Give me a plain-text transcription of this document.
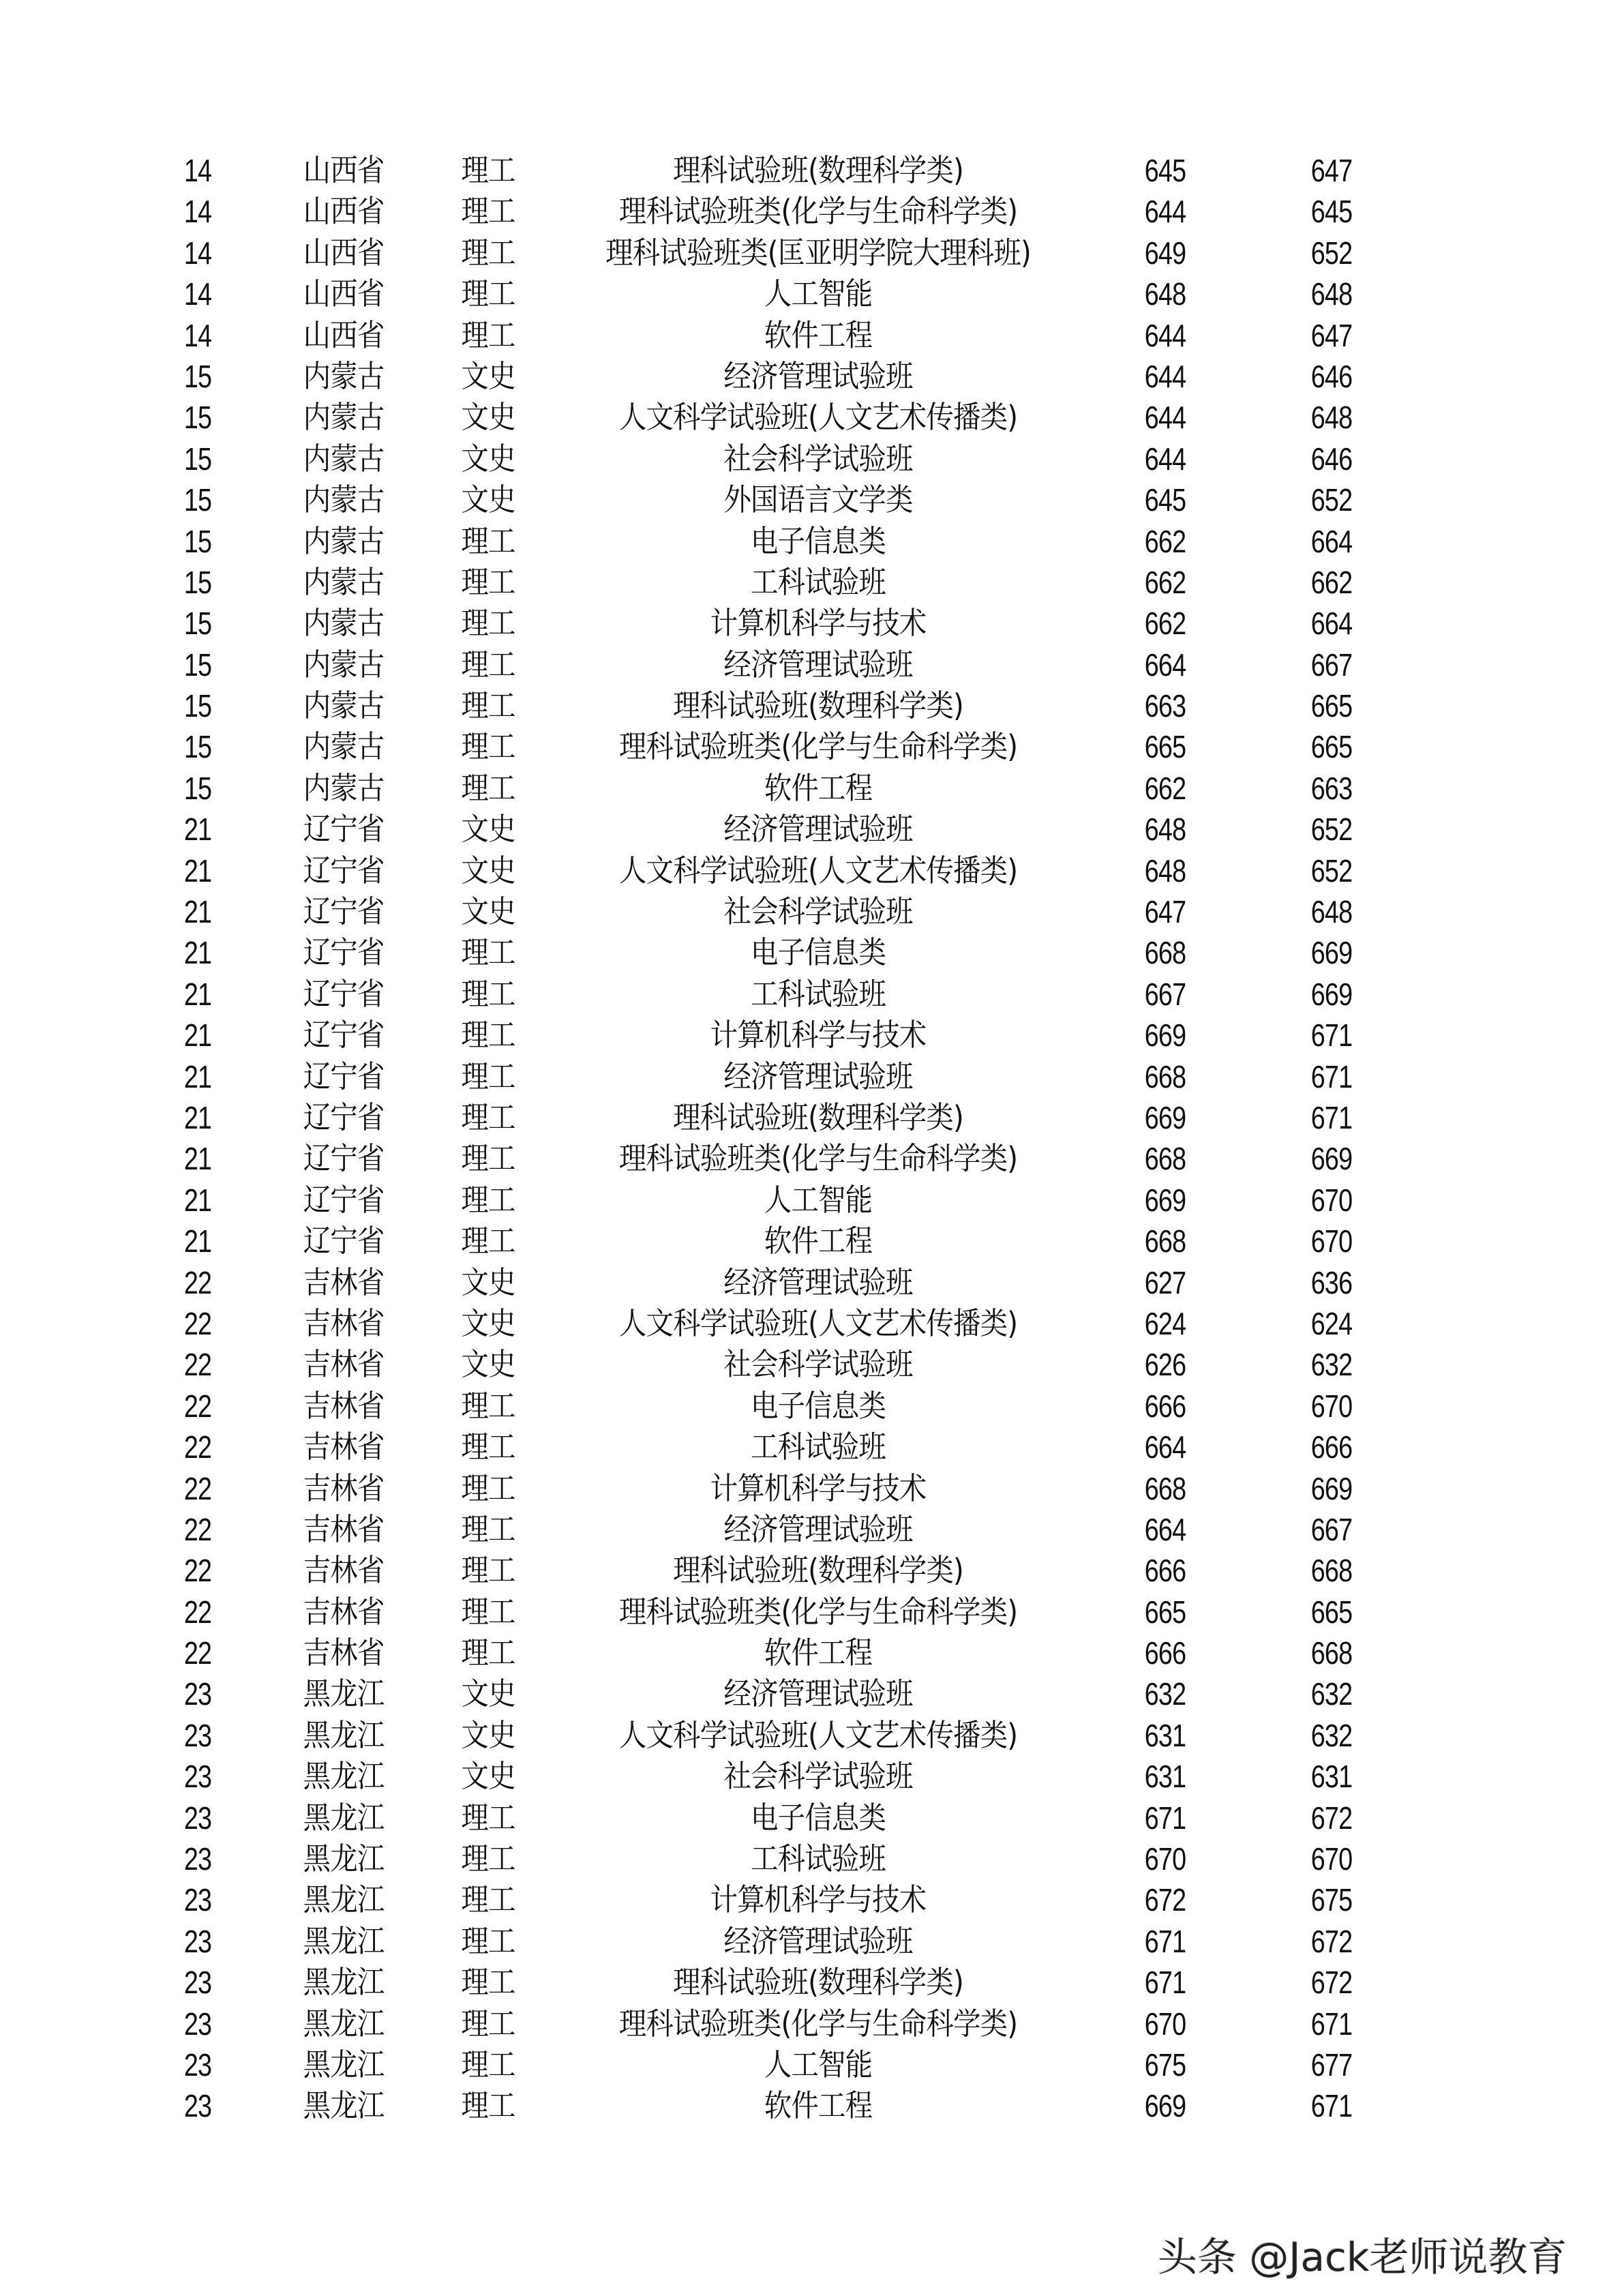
14	山西省	理工	理科试验班(数理科学类)	645	647
14	山西省	理工	理科试验班类(化学与生命科学类)	644	645
14	山西省	理工	理科试验班类(匡亚明学院大理科班)	649	652
14	山西省	理工	人工智能	648	648
14	山西省	理工	软件工程	644	647
15	内蒙古	文史	经济管理试验班	644	646
15	内蒙古	文史	人文科学试验班(人文艺术传播类)	644	648
15	内蒙古	文史	社会科学试验班	644	646
15	内蒙古	文史	外国语言文学类	645	652
15	内蒙古	理工	电子信息类	662	664
15	内蒙古	理工	工科试验班	662	662
15	内蒙古	理工	计算机科学与技术	662	664
15	内蒙古	理工	经济管理试验班	664	667
15	内蒙古	理工	理科试验班(数理科学类)	663	665
15	内蒙古	理工	理科试验班类(化学与生命科学类)	665	665
15	内蒙古	理工	软件工程	662	663
21	辽宁省	文史	经济管理试验班	648	652
21	辽宁省	文史	人文科学试验班(人文艺术传播类)	648	652
21	辽宁省	文史	社会科学试验班	647	648
21	辽宁省	理工	电子信息类	668	669
21	辽宁省	理工	工科试验班	667	669
21	辽宁省	理工	计算机科学与技术	669	671
21	辽宁省	理工	经济管理试验班	668	671
21	辽宁省	理工	理科试验班(数理科学类)	669	671
21	辽宁省	理工	理科试验班类(化学与生命科学类)	668	669
21	辽宁省	理工	人工智能	669	670
21	辽宁省	理工	软件工程	668	670
22	吉林省	文史	经济管理试验班	627	636
22	吉林省	文史	人文科学试验班(人文艺术传播类)	624	624
22	吉林省	文史	社会科学试验班	626	632
22	吉林省	理工	电子信息类	666	670
22	吉林省	理工	工科试验班	664	666
22	吉林省	理工	计算机科学与技术	668	669
22	吉林省	理工	经济管理试验班	664	667
22	吉林省	理工	理科试验班(数理科学类)	666	668
22	吉林省	理工	理科试验班类(化学与生命科学类)	665	665
22	吉林省	理工	软件工程	666	668
23	黑龙江	文史	经济管理试验班	632	632
23	黑龙江	文史	人文科学试验班(人文艺术传播类)	631	632
23	黑龙江	文史	社会科学试验班	631	631
23	黑龙江	理工	电子信息类	671	672
23	黑龙江	理工	工科试验班	670	670
23	黑龙江	理工	计算机科学与技术	672	675
23	黑龙江	理工	经济管理试验班	671	672
23	黑龙江	理工	理科试验班(数理科学类)	671	672
23	黑龙江	理工	理科试验班类(化学与生命科学类)	670	671
23	黑龙江	理工	人工智能	675	677
23	黑龙江	理工	软件工程	669	671
头条 @Jack老师说教育
